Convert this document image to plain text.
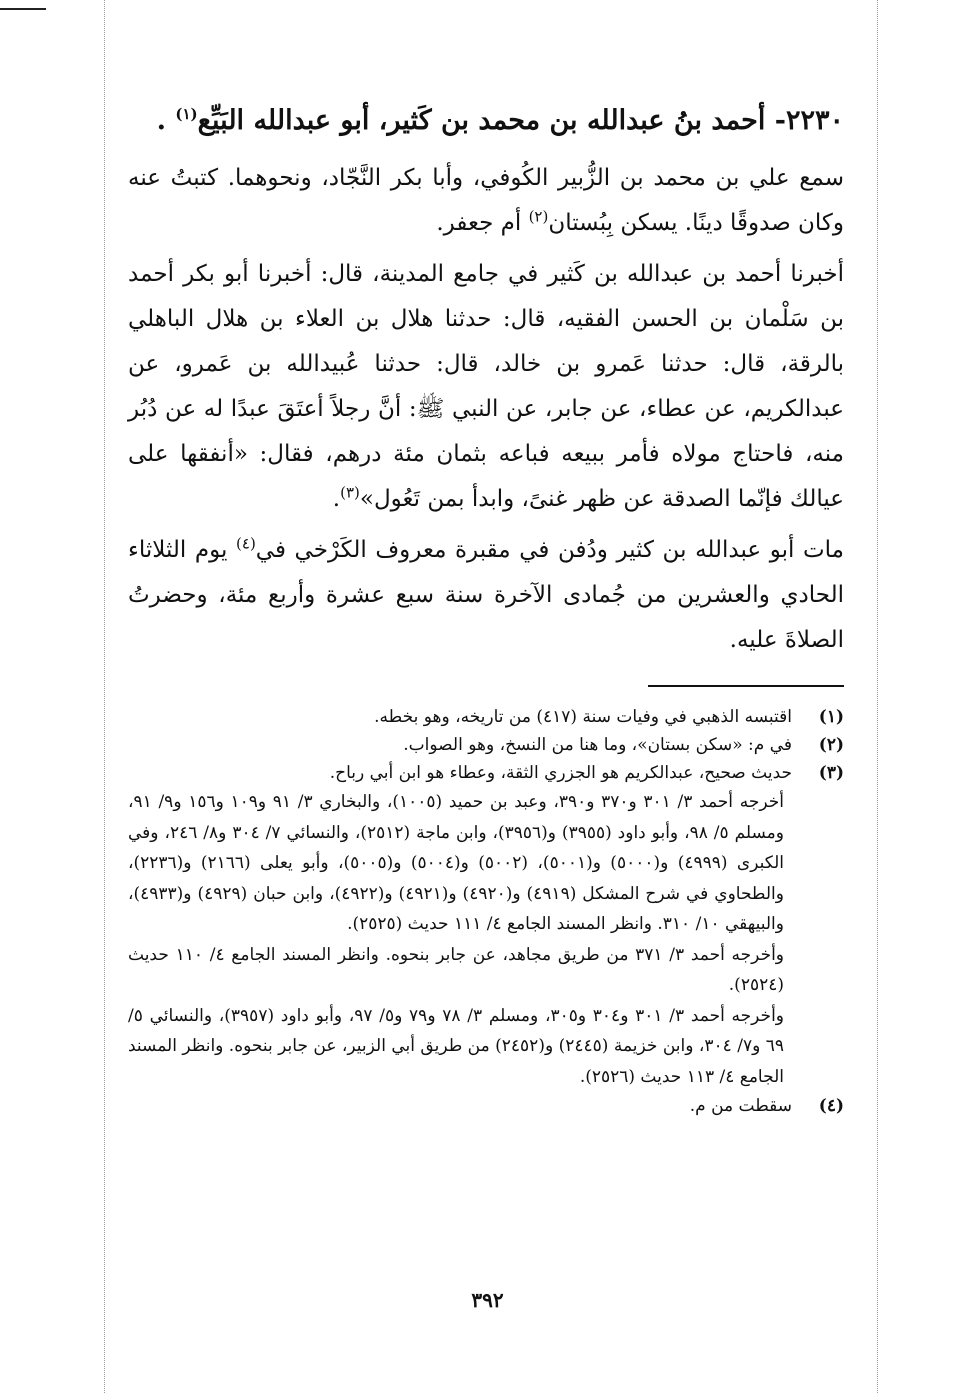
٢٢٣٠- أحمد بنُ عبدالله بن محمد بن كَثير، أبو عبدالله البَيِّع$^{(١)}$ .

سمع علي بن محمد بن الزُّبير الكُوفي، وأبا بكر النَّجّاد، ونحوهما. كتبتُ عنه وكان صدوقًا دينًا. يسكن بِبُستان$^{(٢)}$ أم جعفر.

أخبرنا أحمد بن عبدالله بن كَثير في جامع المدينة، قال: أخبرنا أبو بكر أحمد بن سَلْمان بن الحسن الفقيه، قال: حدثنا هلال بن العلاء بن هلال الباهلي بالرقة، قال: حدثنا عَمرو بن خالد، قال: حدثنا عُبيدالله بن عَمرو، عن عبدالكريم، عن عطاء، عن جابر، عن النبي ﷺ: أنَّ رجلاً أعتَقَ عبدًا له عن دُبُر منه، فاحتاج مولاه فأمر ببيعه فباعه بثمان مئة درهم، فقال: «أنفقها على عيالك فإنّما الصدقة عن ظهر غنىً، وابدأ بمن تَعُول»$^{(٣)}$.

مات أبو عبدالله بن كثير ودُفن في مقبرة معروف الكَرْخي في$^{(٤)}$ يوم الثلاثاء الحادي والعشرين من جُمادى الآخرة سنة سبع عشرة وأربع مئة، وحضرتُ الصلاةَ عليه.

(١)
اقتبسه الذهبي في وفيات سنة (٤١٧) من تاريخه، وهو بخطه.
(٢)
في م: «سكن بستان»، وما هنا من النسخ، وهو الصواب.
(٣)
حديث صحيح، عبدالكريم هو الجزري الثقة، وعطاء هو ابن أبي رباح.
أخرجه أحمد ٣/ ٣٠١ و٣٧٠ و٣٩٠، وعبد بن حميد (١٠٠٥)، والبخاري ٣/ ٩١ و١٠٩ و١٥٦ و٩/ ٩١، ومسلم ٥/ ٩٨، وأبو داود (٣٩٥٥) و(٣٩٥٦)، وابن ماجة (٢٥١٢)، والنسائي ٧/ ٣٠٤ و٨/ ٢٤٦، وفي الكبرى (٤٩٩٩) و(٥٠٠٠) و(٥٠٠١)، (٥٠٠٢) و(٥٠٠٤) و(٥٠٠٥)، وأبو يعلى (٢١٦٦) و(٢٢٣٦)، والطحاوي في شرح المشكل (٤٩١٩) و(٤٩٢٠) و(٤٩٢١) و(٤٩٢٢)، وابن حبان (٤٩٢٩) و(٤٩٣٣)، والبيهقي ١٠/ ٣١٠. وانظر المسند الجامع ٤/ ١١١ حديث (٢٥٢٥).
وأخرجه أحمد ٣/ ٣٧١ من طريق مجاهد، عن جابر بنحوه. وانظر المسند الجامع ٤/ ١١٠ حديث (٢٥٢٤).
وأخرجه أحمد ٣/ ٣٠١ و٣٠٤ و٣٠٥، ومسلم ٣/ ٧٨ و٧٩ و٥/ ٩٧، وأبو داود (٣٩٥٧)، والنسائي ٥/ ٦٩ و٧/ ٣٠٤، وابن خزيمة (٢٤٤٥) و(٢٤٥٢) من طريق أبي الزبير، عن جابر بنحوه. وانظر المسند الجامع ٤/ ١١٣ حديث (٢٥٢٦).
(٤)
سقطت من م.
٣٩٢
